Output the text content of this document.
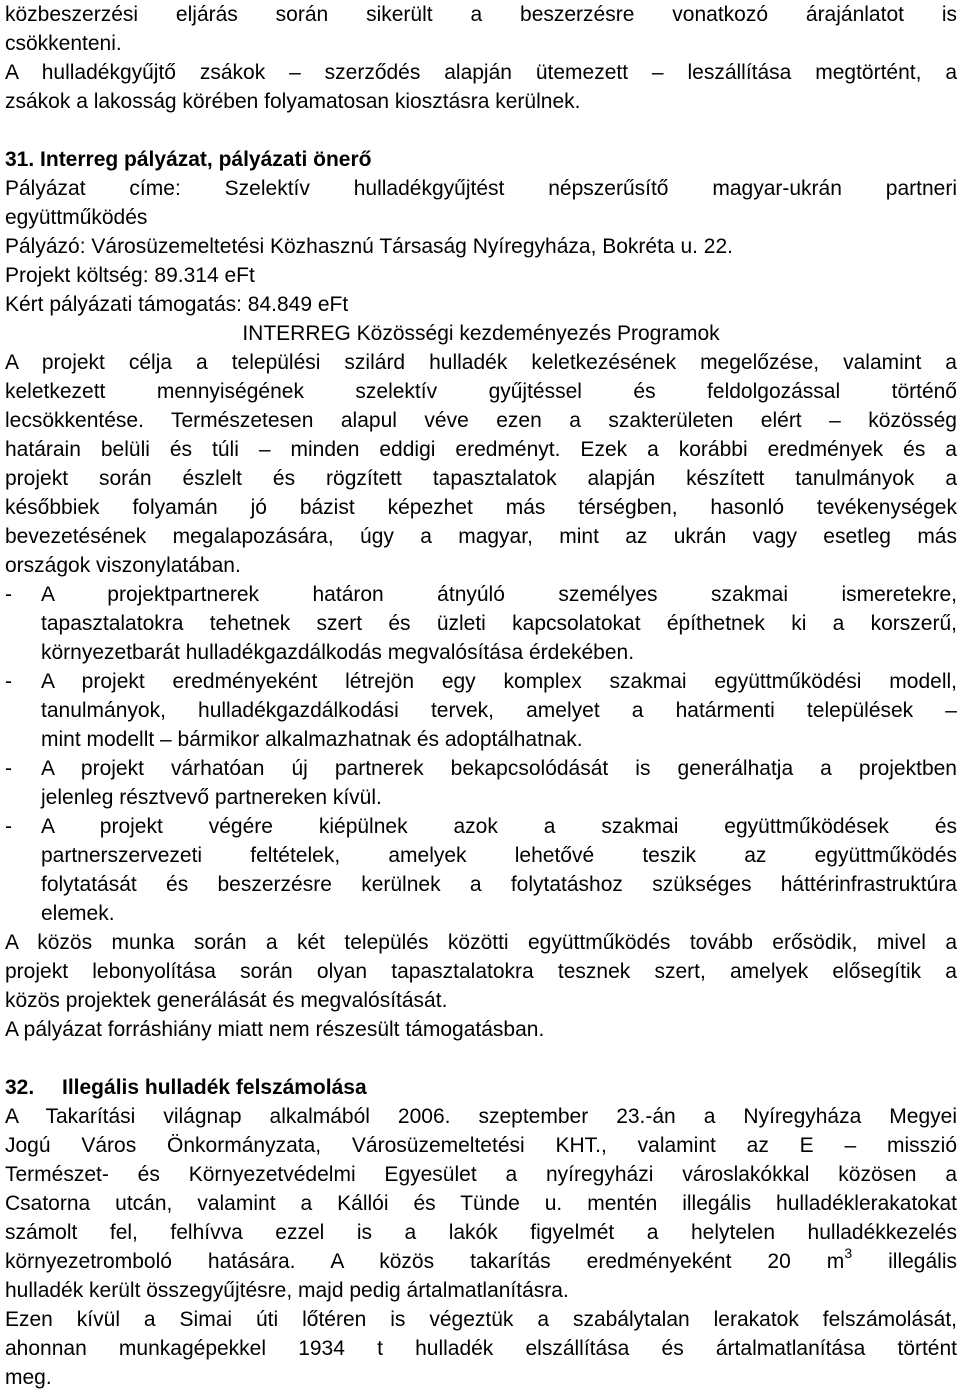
közbeszerzési eljárás során sikerült a beszerzésre vonatkozó árajánlatot is
csökkenteni.
A hulladékgyűjtő zsákok – szerződés alapján ütemezett – leszállítása megtörtént, a
zsákok a lakosság körében folyamatosan kiosztásra kerülnek.
31. Interreg pályázat, pályázati önerő
Pályázat címe: Szelektív hulladékgyűjtést népszerűsítő magyar-ukrán partneri
együttműködés
Pályázó: Városüzemeltetési Közhasznú Társaság Nyíregyháza, Bokréta u. 22.
Projekt költség: 89.314 eFt
Kért pályázati támogatás: 84.849 eFt
INTERREG Közösségi kezdeményezés Programok
A projekt célja a települési szilárd hulladék keletkezésének megelőzése, valamint a
keletkezett mennyiségének szelektív gyűjtéssel és feldolgozással történő
lecsökkentése. Természetesen alapul véve ezen a szakterületen elért – közösség
határain belüli és túli – minden eddigi eredményt. Ezek a korábbi eredmények és a
projekt során észlelt és rögzített tapasztalatok alapján készített tanulmányok a
későbbiek folyamán jó bázist képezhet más térségben, hasonló tevékenységek
bevezetésének megalapozására, úgy a magyar, mint az ukrán vagy esetleg más
országok viszonylatában.
-	A projektpartnerek határon átnyúló személyes szakmai ismeretekre,
tapasztalatokra tehetnek szert és üzleti kapcsolatokat építhetnek ki a korszerű,
környezetbarát hulladékgazdálkodás megvalósítása érdekében.
-	A projekt eredményeként létrejön egy komplex szakmai együttműködési modell,
tanulmányok, hulladékgazdálkodási tervek, amelyet a határmenti települések –
mint modellt – bármikor alkalmazhatnak és adoptálhatnak.
-	A projekt várhatóan új partnerek bekapcsolódását is generálhatja a projektben
jelenleg résztvevő partnereken kívül.
-	A projekt végére kiépülnek azok a szakmai együttműködések és
partnerszervezeti feltételek, amelyek lehetővé teszik az együttműködés
folytatását és beszerzésre kerülnek a folytatáshoz szükséges háttérinfrastruktúra
elemek.
A közös munka során a két település közötti együttműködés tovább erősödik, mivel a
projekt lebonyolítása során olyan tapasztalatokra tesznek szert, amelyek elősegítik a
közös projektek generálását és megvalósítását.
A pályázat forráshiány miatt nem részesült támogatásban.
32. Illegális hulladék felszámolása
A Takarítási világnap alkalmából 2006. szeptember 23.-án a Nyíregyháza Megyei
Jogú Város Önkormányzata, Városüzemeltetési KHT., valamint az E – misszió
Természet- és Környezetvédelmi Egyesület a nyíregyházi városlakókkal közösen a
Csatorna utcán, valamint a Kállói és Tünde u. mentén illegális hulladéklerakatokat
számolt fel, felhívva ezzel is a lakók figyelmét a helytelen hulladékkezelés
környezetromboló hatására. A közös takarítás eredményeként 20 $m^3$ illegális
hulladék került összegyűjtésre, majd pedig ártalmatlanításra.
Ezen kívül a Simai úti lőtéren is végeztük a szabálytalan lerakatok felszámolását,
ahonnan munkagépekkel 1934 t hulladék elszállítása és ártalmatlanítása történt
meg.
